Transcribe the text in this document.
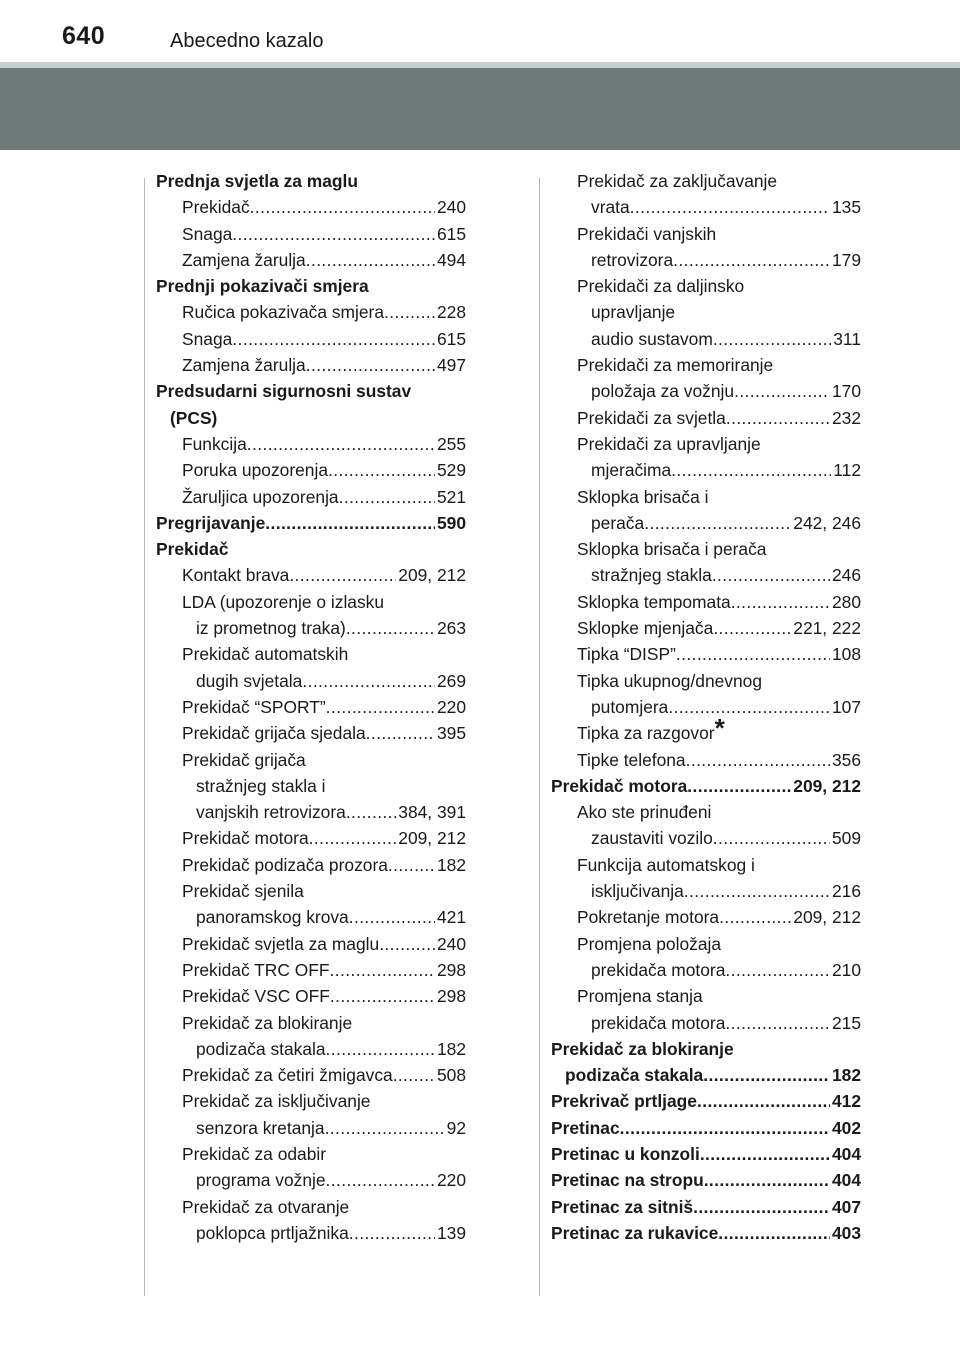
640	Abecedno kazalo
Prednja svjetla za maglu
Prekidač .....	240
Snaga .....	615
Zamjena žarulja .....	494
Prednji pokazivači smjera
Ručica pokazivača smjera .....	228
Snaga .....	615
Zamjena žarulja .....	497
Predsudarni sigurnosni sustav
(PCS)
Funkcija .....	255
Poruka upozorenja .....	529
Žaruljica upozorenja .....	521
Pregrijavanje .....	590
Prekidač
Kontakt brava .....	209, 212
LDA (upozorenje o izlasku
iz prometnog traka) .....	263
Prekidač automatskih
dugih svjetala .....	269
Prekidač “SPORT” .....	220
Prekidač grijača sjedala .....	395
Prekidač grijača
stražnjeg stakla i
vanjskih retrovizora .....	384, 391
Prekidač motora .....	209, 212
Prekidač podizača prozora .....	182
Prekidač sjenila
panoramskog krova .....	421
Prekidač svjetla za maglu .....	240
Prekidač TRC OFF .....	298
Prekidač VSC OFF .....	298
Prekidač za blokiranje
podizača stakala .....	182
Prekidač za četiri žmigavca .....	508
Prekidač za isključivanje
senzora kretanja .....	92
Prekidač za odabir
programa vožnje .....	220
Prekidač za otvaranje
poklopca prtljažnika .....	139
Prekidač za zaključavanje
vrata .....	135
Prekidači vanjskih
retrovizora .....	179
Prekidači za daljinsko
upravljanje
audio sustavom .....	311
Prekidači za memoriranje
položaja za vožnju .....	170
Prekidači za svjetla .....	232
Prekidači za upravljanje
mjeračima .....	112
Sklopka brisača i
perača .....	242, 246
Sklopka brisača i perača
stražnjeg stakla .....	246
Sklopka tempomata .....	280
Sklopke mjenjača .....	221, 222
Tipka “DISP” .....	108
Tipka ukupnog/dnevnog
putomjera .....	107
Tipka za razgovor*
Tipke telefona .....	356
Prekidač motora .....	209, 212
Ako ste prinuđeni
zaustaviti vozilo .....	509
Funkcija automatskog i
isključivanja .....	216
Pokretanje motora .....	209, 212
Promjena položaja
prekidača motora .....	210
Promjena stanja
prekidača motora .....	215
Prekidač za blokiranje
podizača stakala .....	182
Prekrivač prtljage .....	412
Pretinac .....	402
Pretinac u konzoli .....	404
Pretinac na stropu .....	404
Pretinac za sitniš .....	407
Pretinac za rukavice .....	403
